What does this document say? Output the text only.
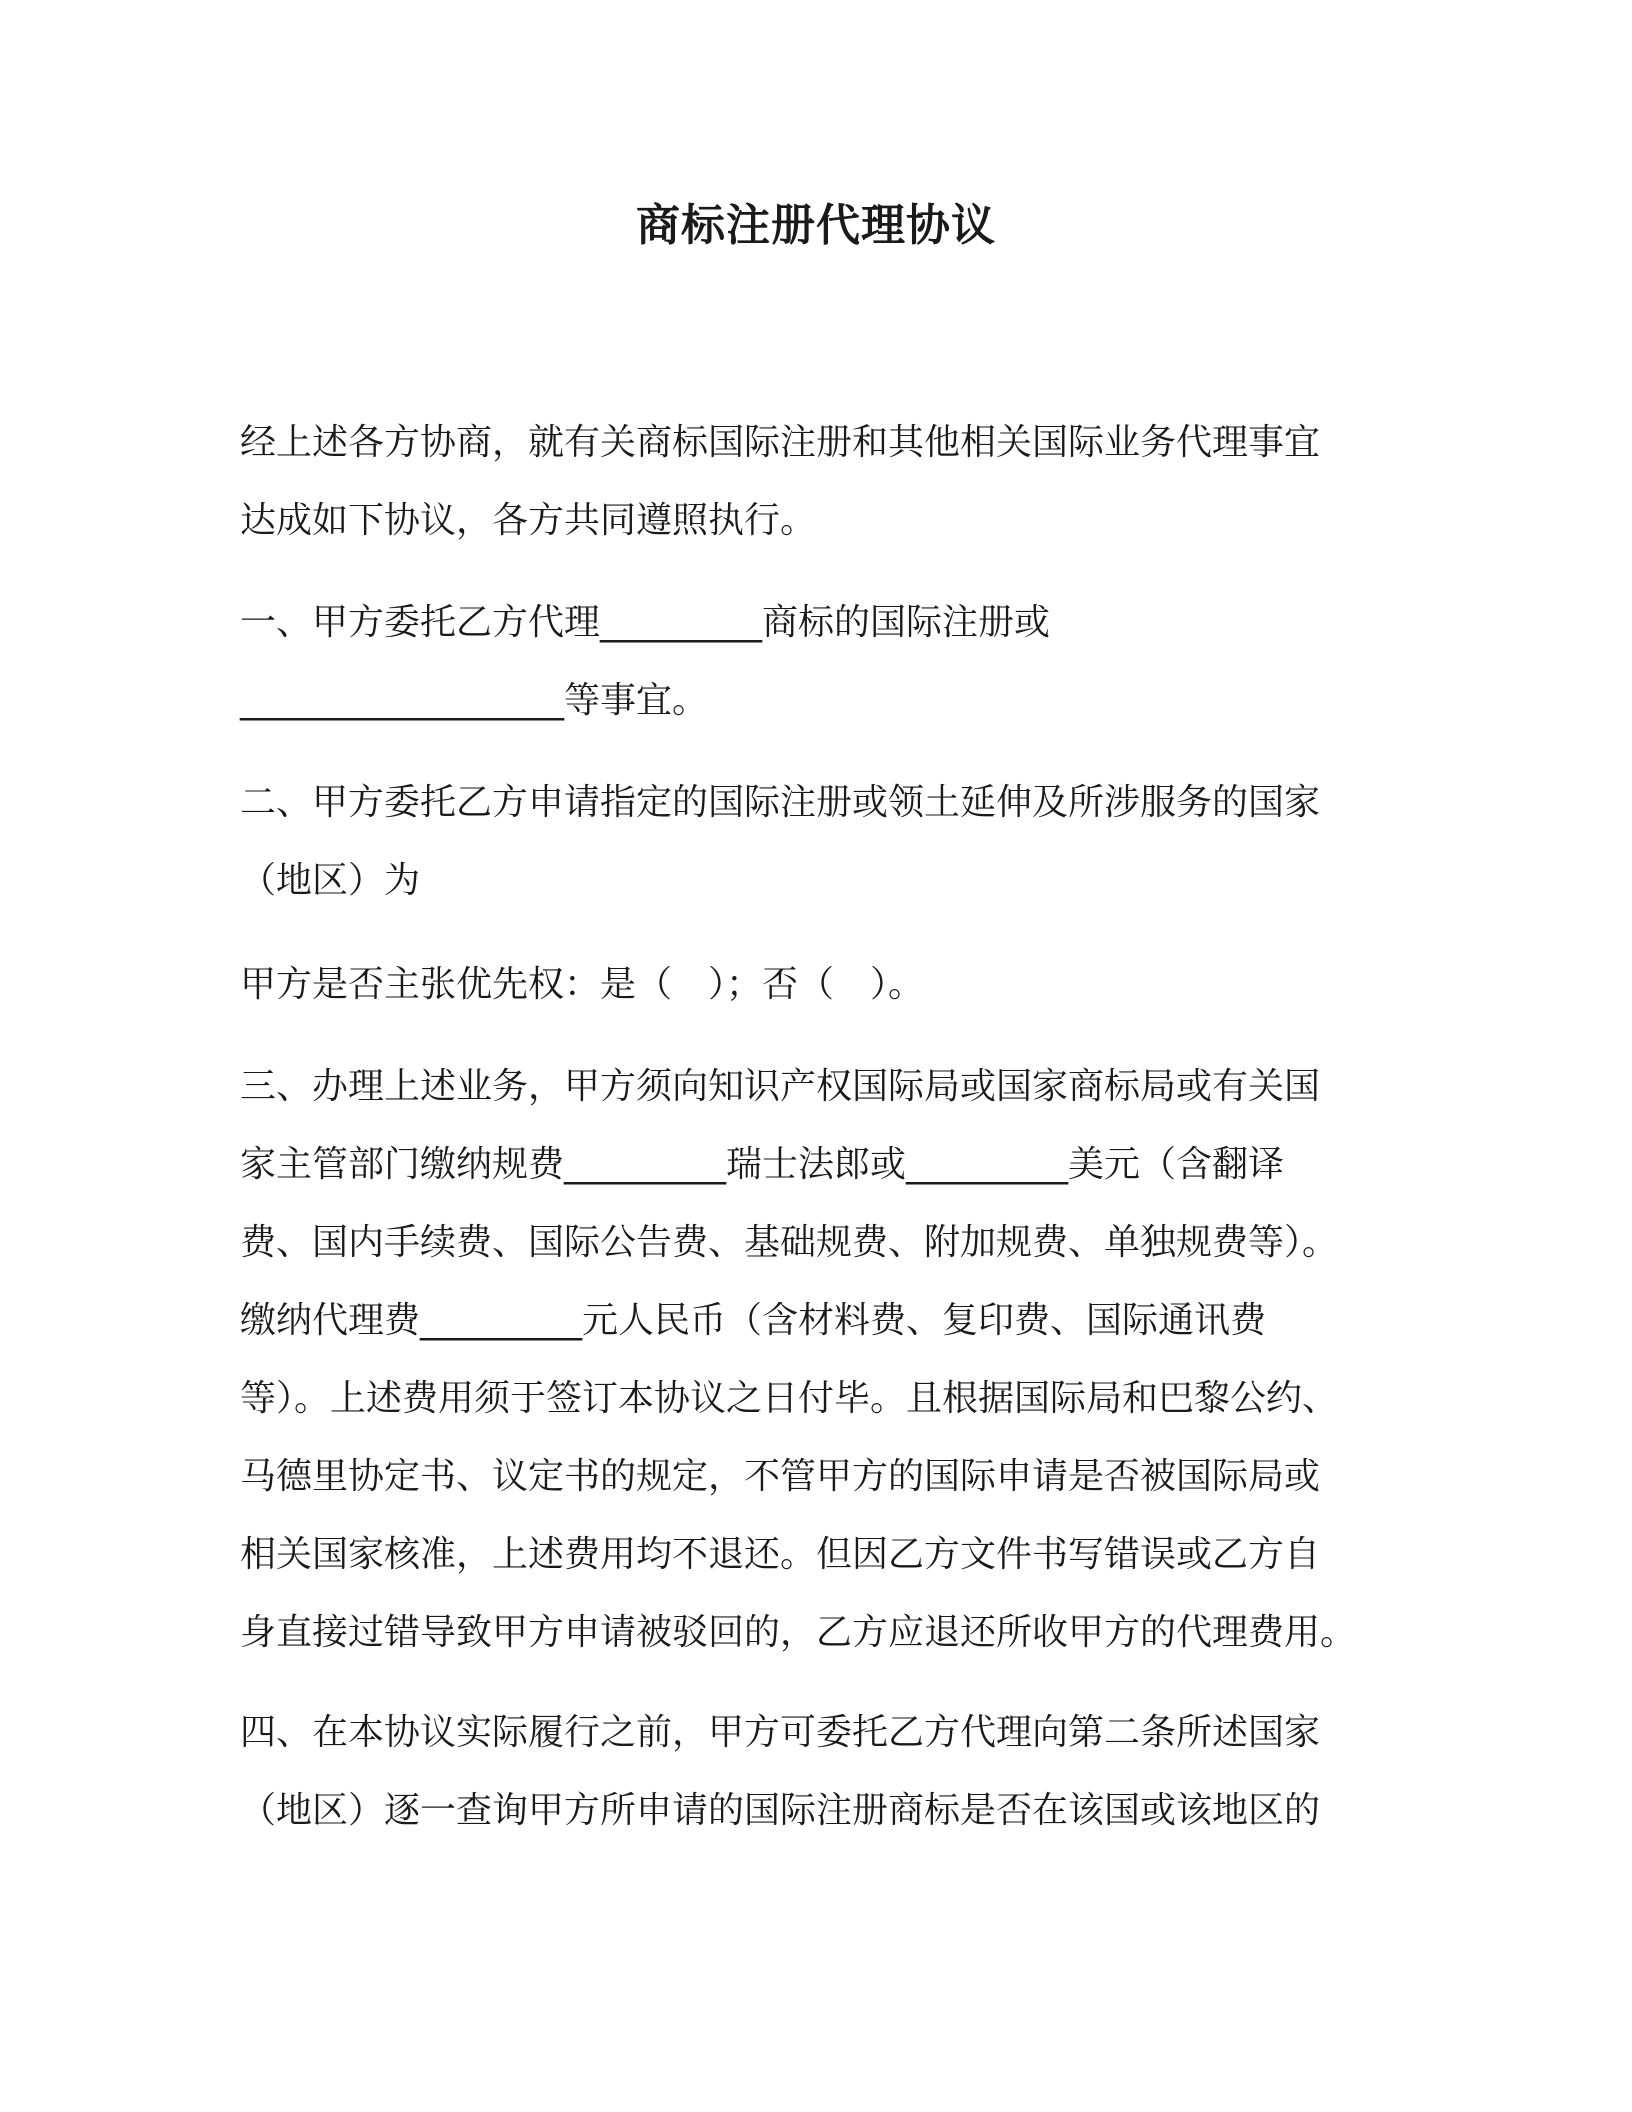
商标注册代理协议
经上述各方协商，就有关商标国际注册和其他相关国际业务代理事宜
达成如下协议，各方共同遵照执行。
一、甲方委托乙方代理_________商标的国际注册或
__________________等事宜。
二、甲方委托乙方申请指定的国际注册或领土延伸及所涉服务的国家
（地区）为
甲方是否主张优先权：是（　）；否（　）。
三、办理上述业务，甲方须向知识产权国际局或国家商标局或有关国
家主管部门缴纳规费_________瑞士法郎或_________美元（含翻译
费、国内手续费、国际公告费、基础规费、附加规费、单独规费等）。
缴纳代理费_________元人民币（含材料费、复印费、国际通讯费
等）。上述费用须于签订本协议之日付毕。且根据国际局和巴黎公约、
马德里协定书、议定书的规定，不管甲方的国际申请是否被国际局或
相关国家核准，上述费用均不退还。但因乙方文件书写错误或乙方自
身直接过错导致甲方申请被驳回的，乙方应退还所收甲方的代理费用。
四、在本协议实际履行之前，甲方可委托乙方代理向第二条所述国家
（地区）逐一查询甲方所申请的国际注册商标是否在该国或该地区的
